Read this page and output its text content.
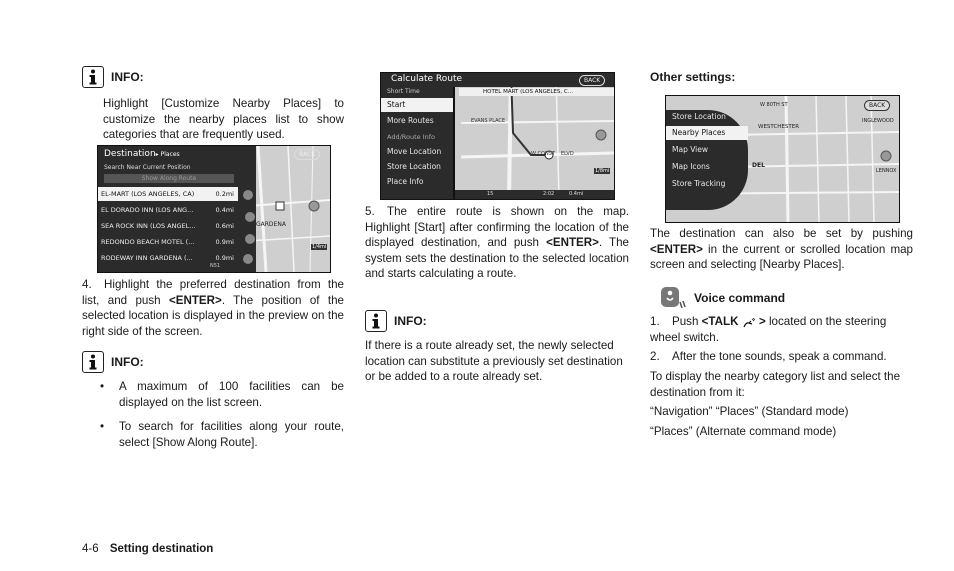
INFO:

Highlight [Customize Nearby Places] to customize the nearby places list to show categories that are frequently used.

GARDENA
1/4mi
Destination▸ Places
Search Near Current Position
Show Along Route
EL-MART (LOS ANGELES, CA)	0.2mi
EL DORADO INN (LOS ANG...	0.4mi
SEA ROCK INN (LOS ANGEL...	0.6mi
REDONDO BEACH MOTEL (...	0.9mi
RODEWAY INN GARDENA (...	0.9mi
N51
BACK

4. Highlight the preferred destination from the list, and push <ENTER>. The position of the selected location is displayed in the preview on the right side of the screen.

INFO:

• A maximum of 100 facilities can be displayed on the list screen.

• To search for facilities along your route, select [Show Along Route].

EVANS PLACE
W CONST ELVD
1/8mi
Calculate Route	BACK
HOTEL MART (LOS ANGELES, C...
Short Time
Start
More Routes
Add/Route Info
Move Location
Store Location
Place Info
15	2:02	0.4mi

5. The entire route is shown on the map. Highlight [Start] after confirming the location of the displayed destination, and push <ENTER>. The system sets the destination to the selected location and starts calculating a route.

INFO:

If there is a route already set, the newly selected location can substitute a previously set destination or be added to a route already set.

Other settings:
WESTCHESTER
INGLEWOOD
DEL
LENNOX
W 80TH ST	BACK
Store Location
Nearby Places
Map View
Map Icons
Store Tracking

The destination can also be set by pushing <ENTER> in the current or scrolled location map screen and selecting [Nearby Places].

Voice command

1. Push <TALK > located on the steering wheel switch.

2. After the tone sounds, speak a command.

To display the nearby category list and select the destination from it:

“Navigation” “Places” (Standard mode)

“Places” (Alternate command mode)

4-6 Setting destination
